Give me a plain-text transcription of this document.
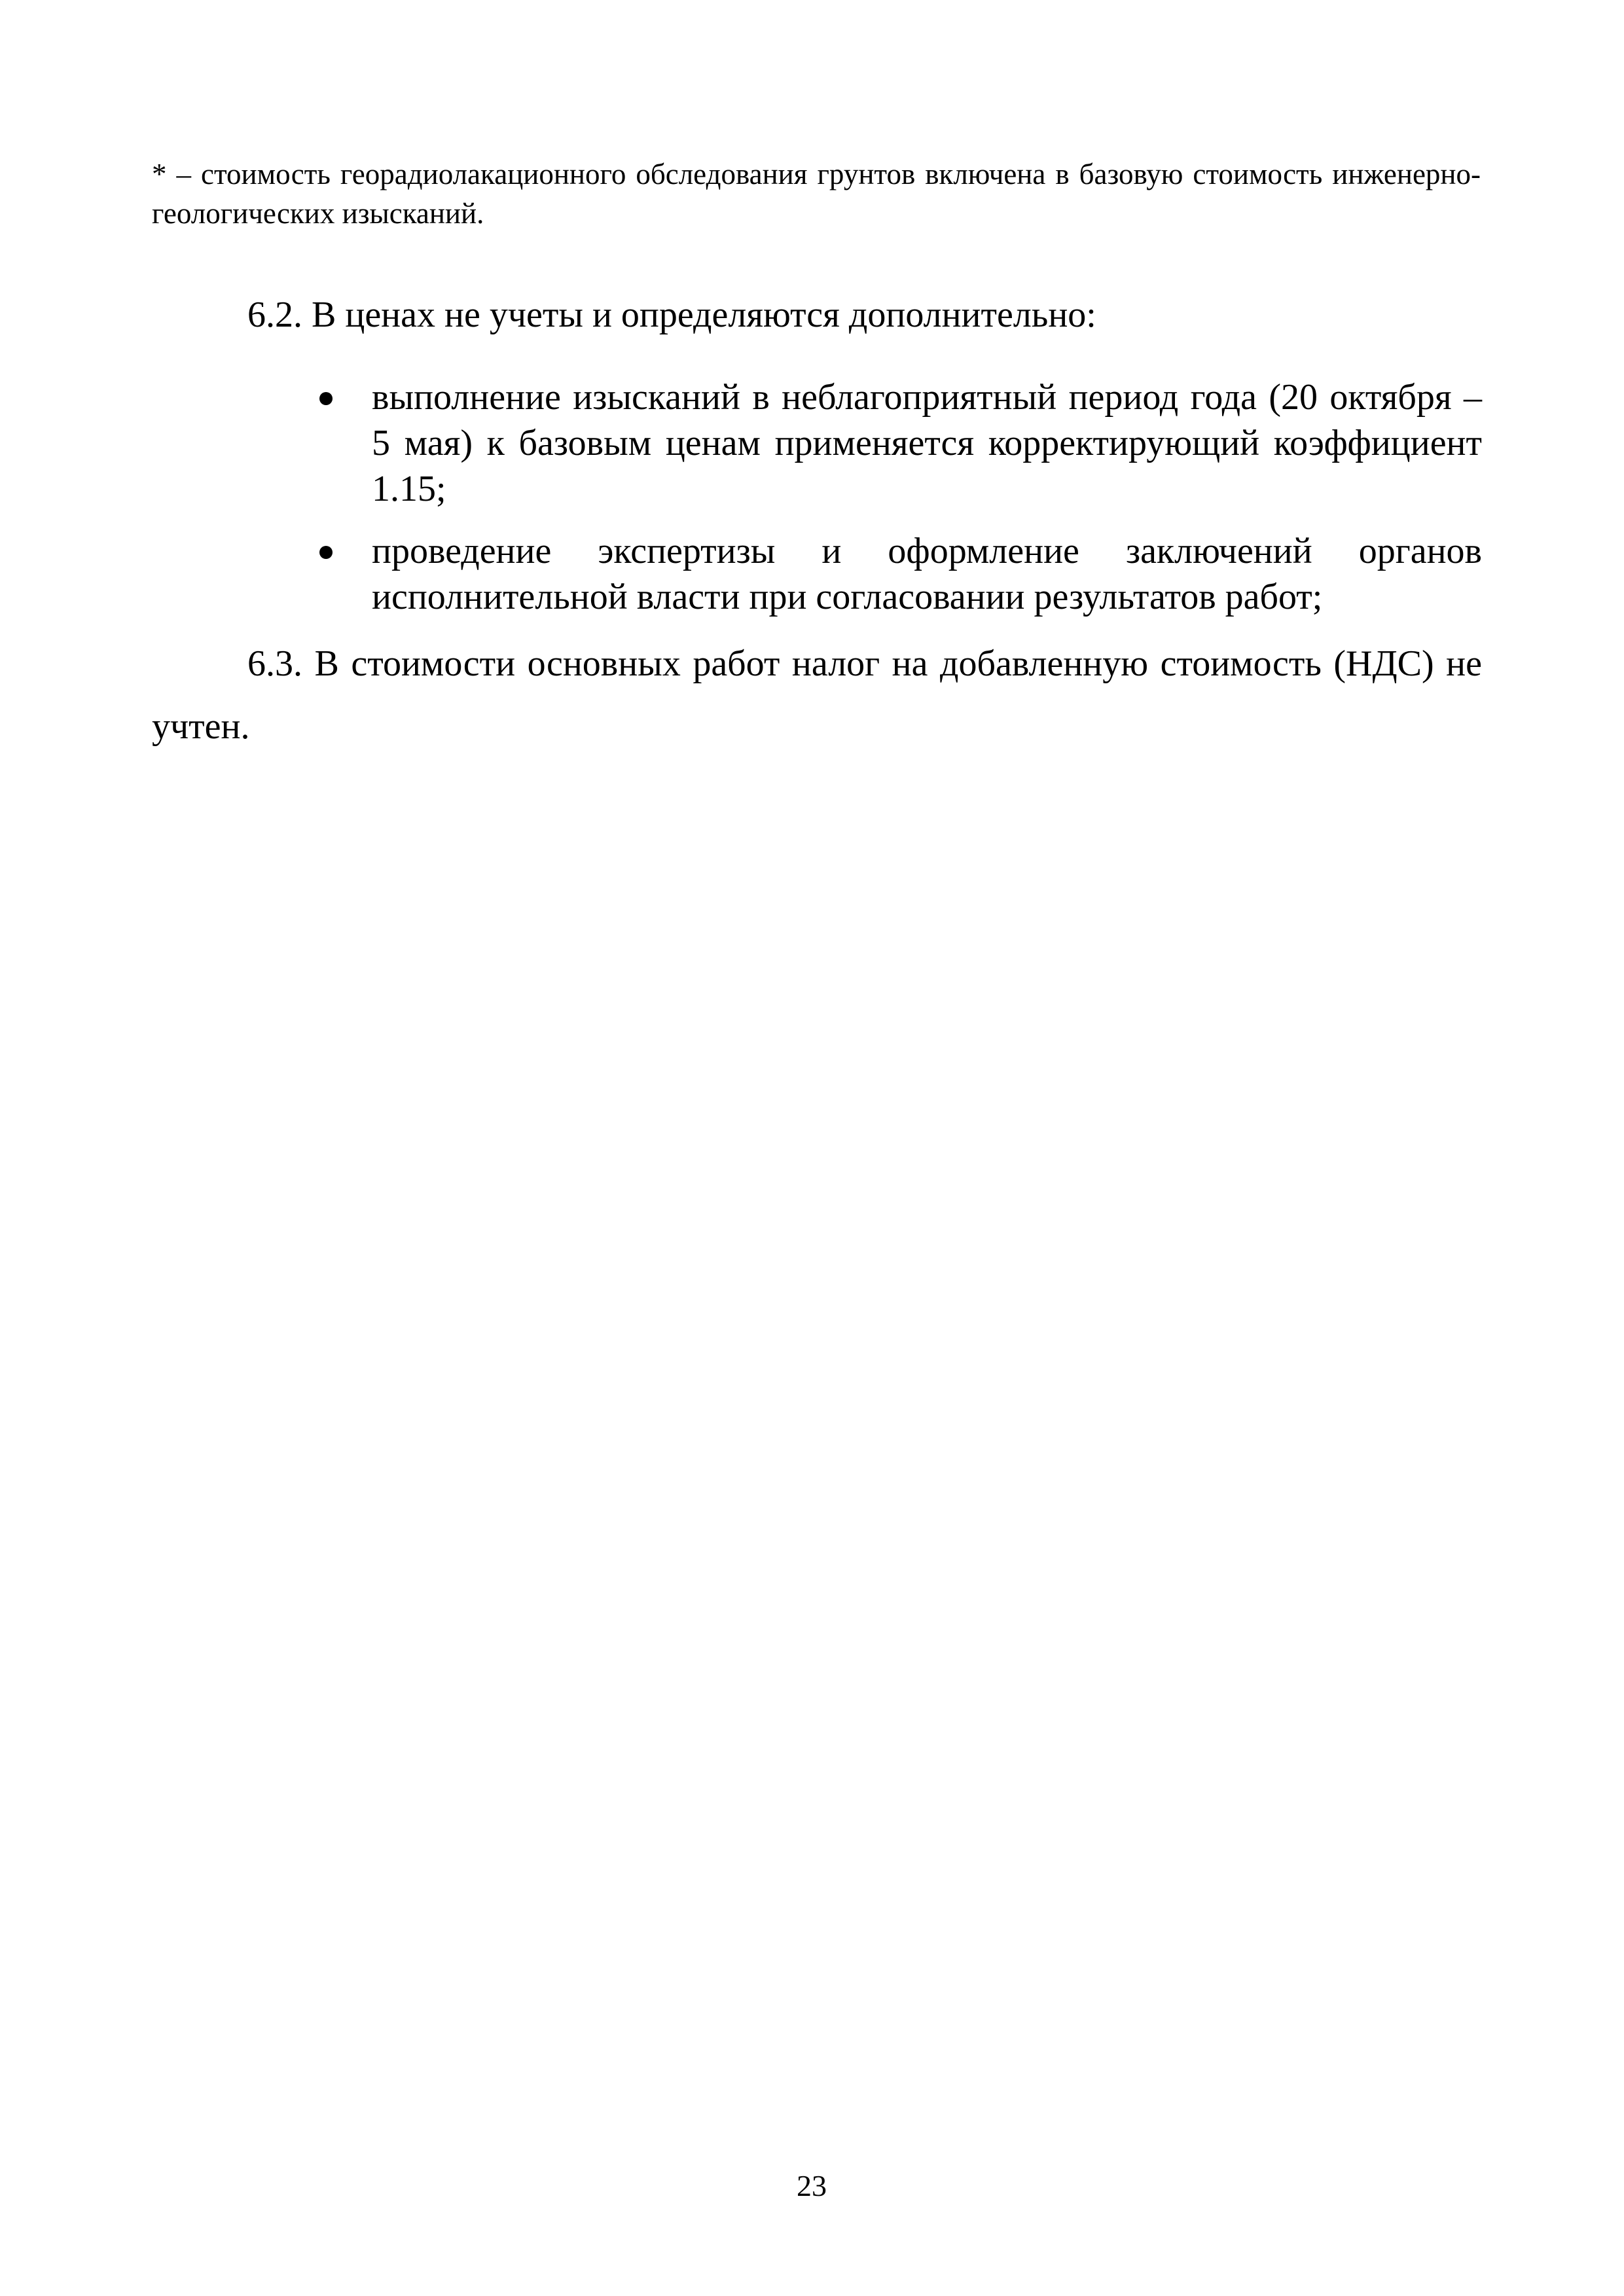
* – стоимость георадиолакационного обследования грунтов включена в базовую стоимость инженерно-геологических изысканий.
6.2. В ценах не учеты и определяются дополнительно:
выполнение изысканий в неблагоприятный период года (20 октября – 5 мая) к базовым ценам применяется корректирующий коэффициент 1.15;
проведение экспертизы и оформление заключений органов исполнительной власти при согласовании результатов работ;
6.3. В стоимости основных работ налог на добавленную стоимость (НДС) не учтен.
23
